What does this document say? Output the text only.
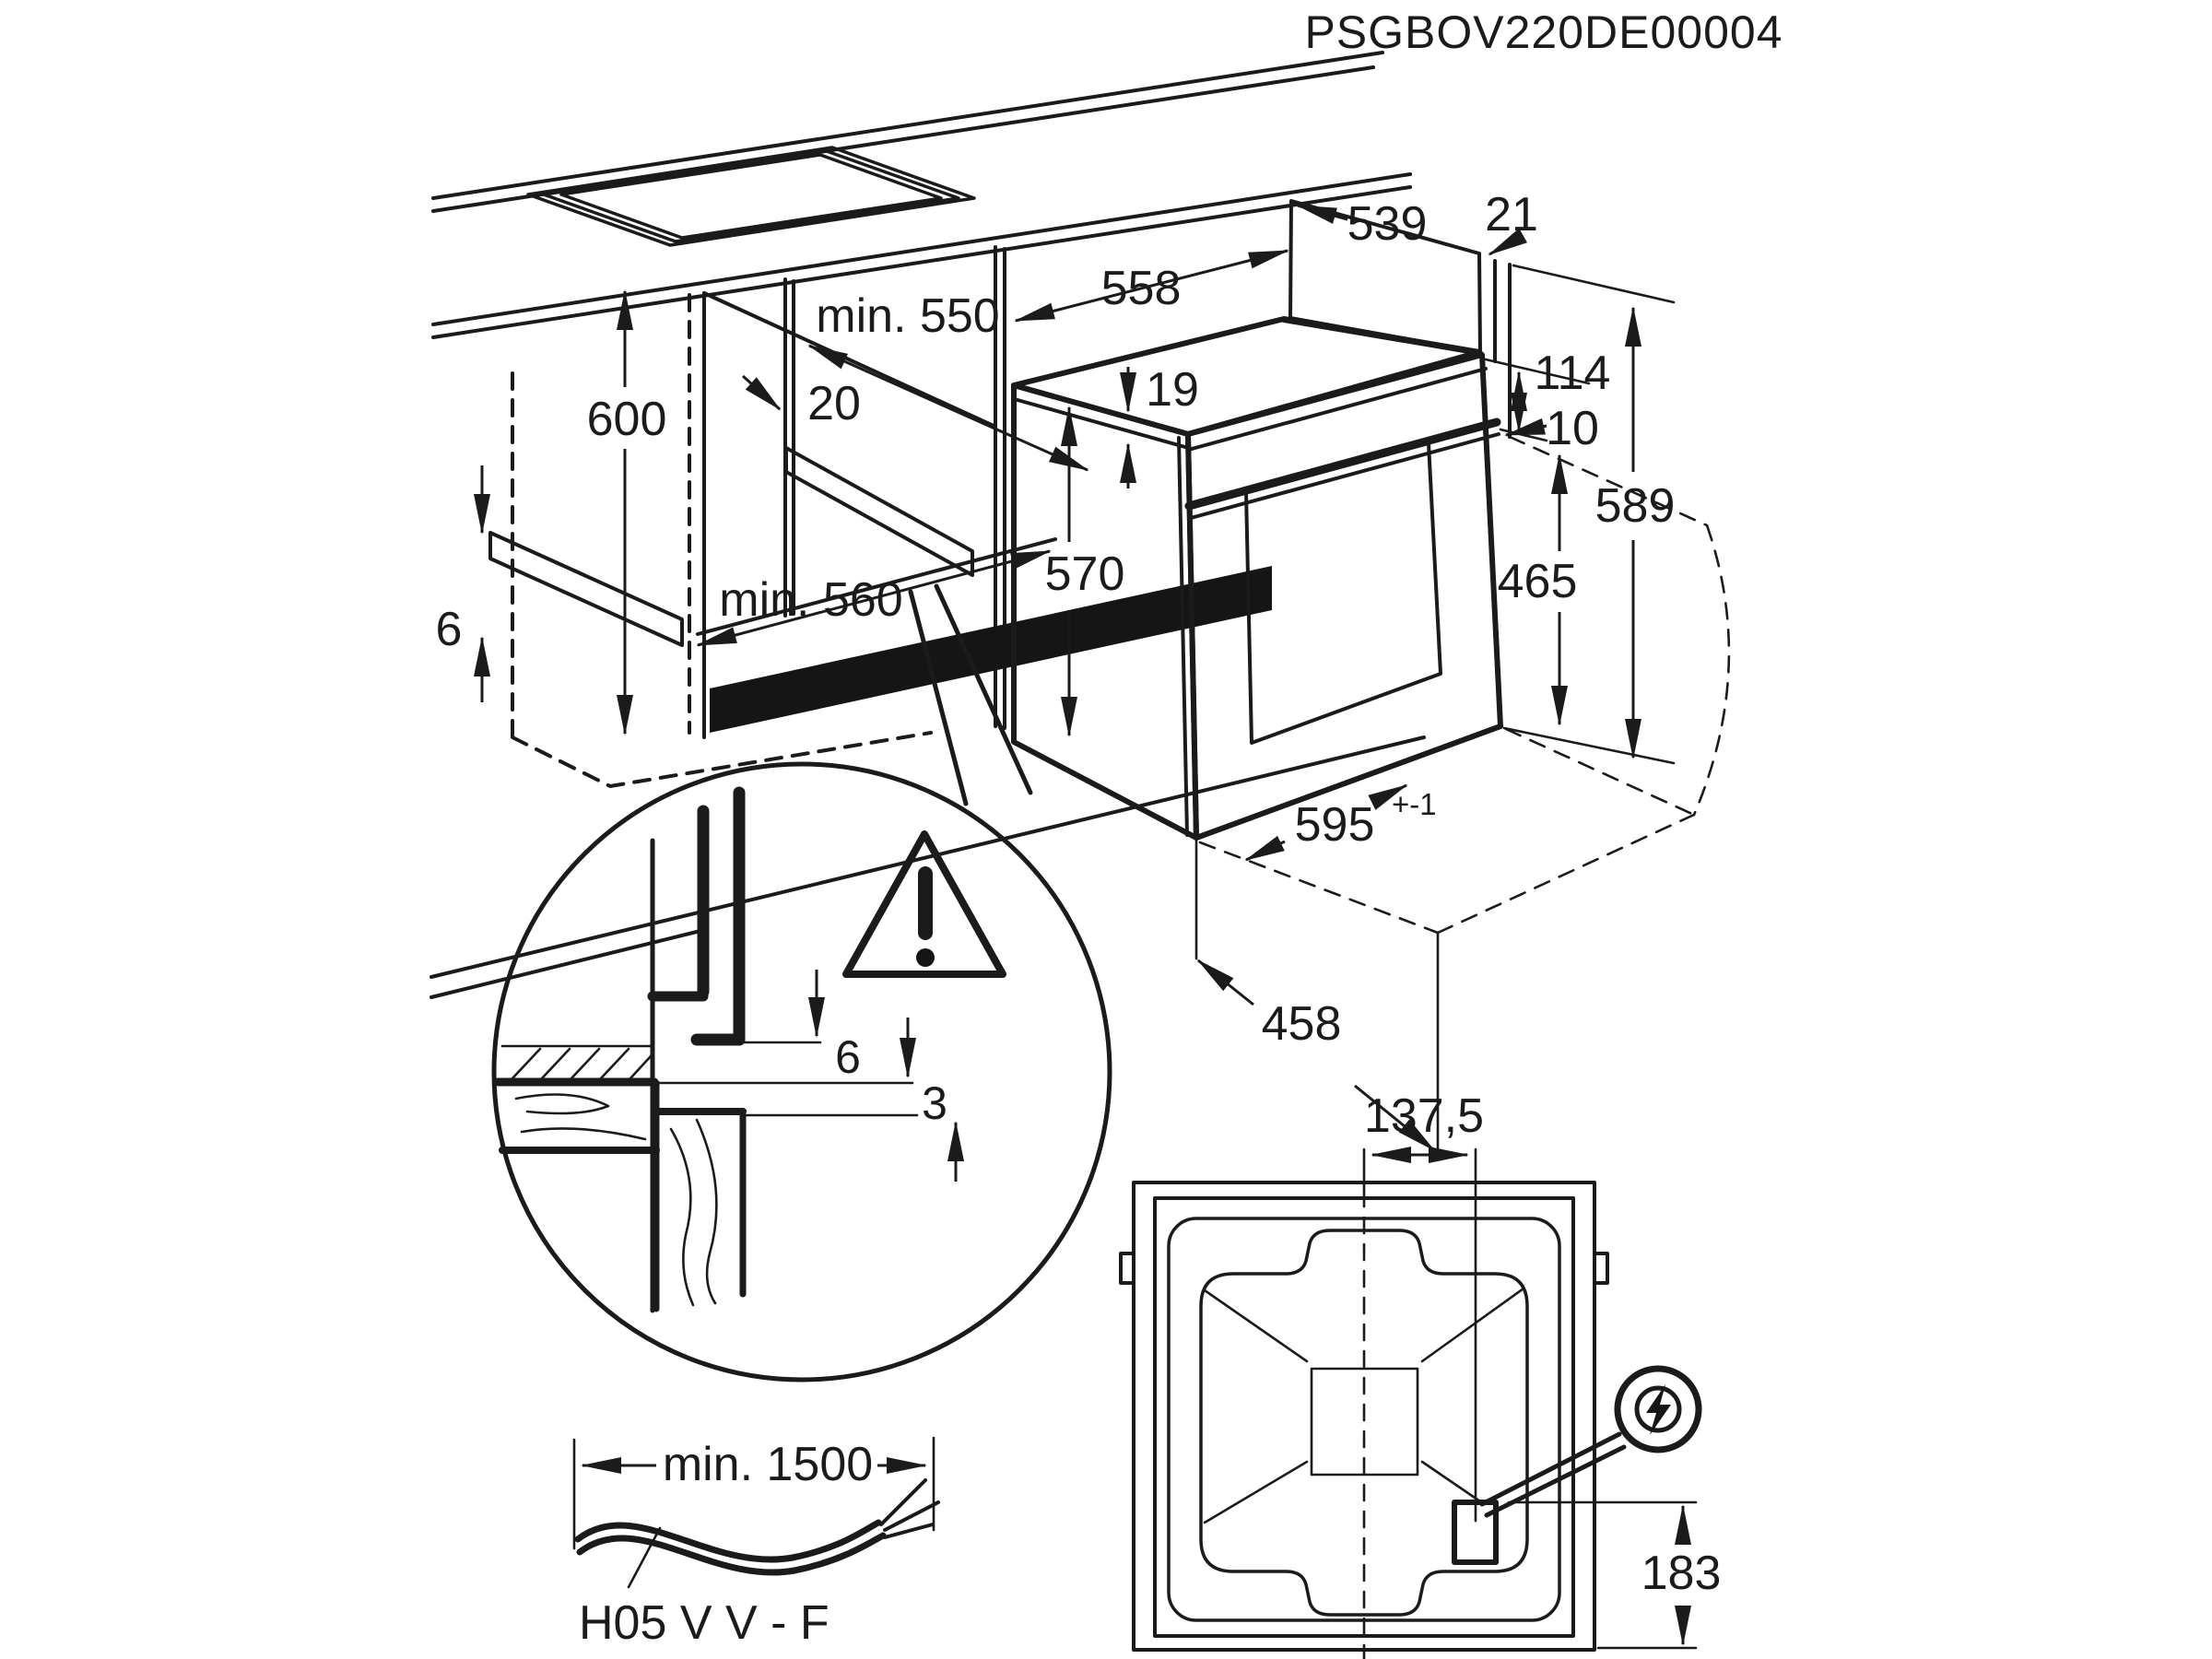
PSGBOV220DE00004
600
min. 550
20
min. 560
6
558
539 21
19	114
10
589
570	465
595 +-1
458
6
3
min. 1500
H05 V V - F
137,5
183
